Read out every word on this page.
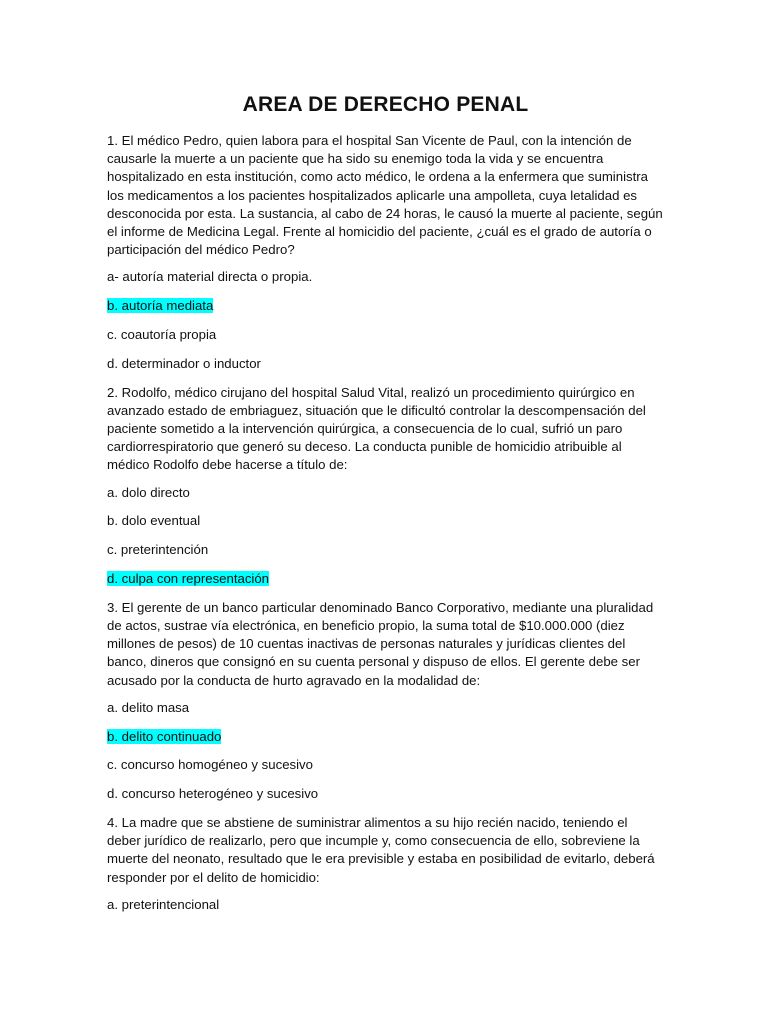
AREA DE DERECHO PENAL

1. El médico Pedro, quien labora para el hospital San Vicente de Paul, con la intención de causarle la muerte a un paciente que ha sido su enemigo toda la vida y se encuentra hospitalizado en esta institución, como acto médico, le ordena a la enfermera que suministra los medicamentos a los pacientes hospitalizados aplicarle una ampolleta, cuya letalidad es desconocida por esta. La sustancia, al cabo de 24 horas, le causó la muerte al paciente, según el informe de Medicina Legal. Frente al homicidio del paciente, ¿cuál es el grado de autoría o participación del médico Pedro?

a- autoría material directa o propia.

b. autoría mediata

c. coautoría propia

d. determinador o inductor

2. Rodolfo, médico cirujano del hospital Salud Vital, realizó un procedimiento quirúrgico en avanzado estado de embriaguez, situación que le dificultó controlar la descompensación del paciente sometido a la intervención quirúrgica, a consecuencia de lo cual, sufrió un paro cardiorrespiratorio que generó su deceso. La conducta punible de homicidio atribuible al médico Rodolfo debe hacerse a título de:

a. dolo directo

b. dolo eventual

c. preterintención

d. culpa con representación

3. El gerente de un banco particular denominado Banco Corporativo, mediante una pluralidad de actos, sustrae vía electrónica, en beneficio propio, la suma total de $10.000.000 (diez millones de pesos) de 10 cuentas inactivas de personas naturales y jurídicas clientes del banco, dineros que consignó en su cuenta personal y dispuso de ellos. El gerente debe ser acusado por la conducta de hurto agravado en la modalidad de:

a. delito masa

b. delito continuado

c. concurso homogéneo y sucesivo

d. concurso heterogéneo y sucesivo

4. La madre que se abstiene de suministrar alimentos a su hijo recién nacido, teniendo el deber jurídico de realizarlo, pero que incumple y, como consecuencia de ello, sobreviene la muerte del neonato, resultado que le era previsible y estaba en posibilidad de evitarlo, deberá responder por el delito de homicidio:

a. preterintencional
